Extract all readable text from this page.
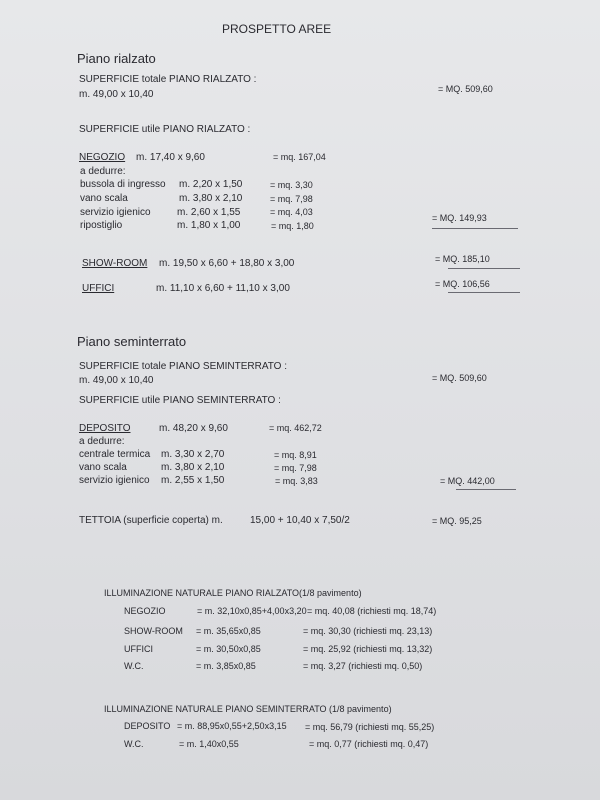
PROSPETTO AREE
Piano rialzato
SUPERFICIE totale PIANO RIALZATO :
m. 49,00 x 10,40	= MQ. 509,60
SUPERFICIE utile PIANO RIALZATO :
NEGOZIO m. 17,40 x 9,60	= mq. 167,04
a dedurre:
bussola di ingresso m. 2,20 x 1,50	= mq. 3,30
vano scala	m. 3,80 x 2,10	= mq. 7,98
servizio igienico	m. 2,60 x 1,55	= mq. 4,03
ripostiglio	m. 1,80 x 1,00	= mq. 1,80
= MQ. 149,93
SHOW-ROOM m. 19,50 x 6,60 + 18,80 x 3,00	= MQ. 185,10
UFFICI	m. 11,10 x 6,60 + 11,10 x 3,00	= MQ. 106,56
Piano seminterrato
SUPERFICIE totale PIANO SEMINTERRATO :
m. 49,00 x 10,40	= MQ. 509,60
SUPERFICIE utile PIANO SEMINTERRATO :
DEPOSITO	m. 48,20 x 9,60	= mq. 462,72
a dedurre:
centrale termica m. 3,30 x 2,70	= mq. 8,91
vano scala	m. 3,80 x 2,10	= mq. 7,98
servizio igienico m. 2,55 x 1,50	= mq. 3,83	= MQ. 442,00
TETTOIA (superficie coperta) m.	15,00 + 10,40 x 7,50/2	= MQ. 95,25
ILLUMINAZIONE NATURALE PIANO RIALZATO(1/8 pavimento)
NEGOZIO	= m. 32,10x0,85+4,00x3,20 = mq. 40,08 (richiesti mq. 18,74)
SHOW-ROOM = m. 35,65x0,85	= mq. 30,30 (richiesti mq. 23,13)
UFFICI	= m. 30,50x0,85	= mq. 25,92 (richiesti mq. 13,32)
W.C.	= m. 3,85x0,85	= mq. 3,27 (richiesti mq. 0,50)
ILLUMINAZIONE NATURALE PIANO SEMINTERRATO (1/8 pavimento)
DEPOSITO = m. 88,95x0,55+2,50x3,15 = mq. 56,79 (richiesti mq. 55,25)
W.C.	= m. 1,40x0,55	= mq. 0,77 (richiesti mq. 0,47)
